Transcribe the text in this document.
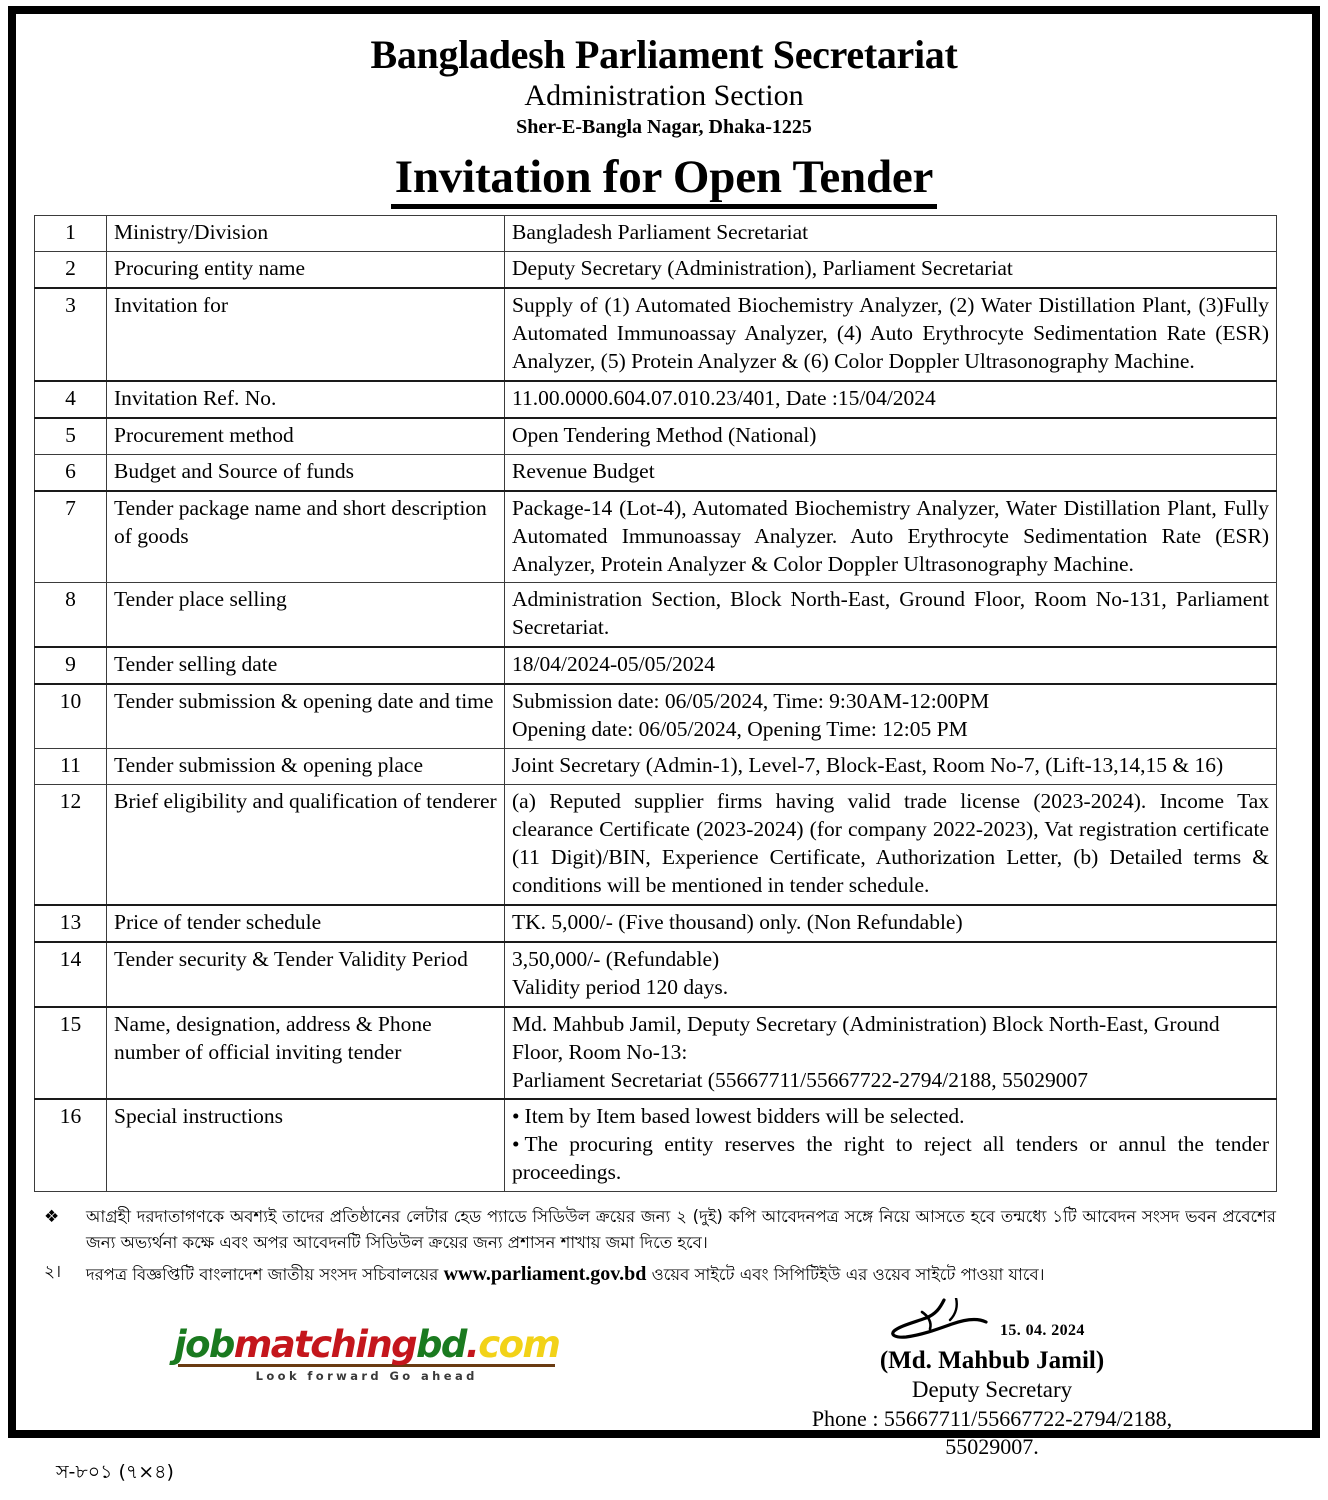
Bangladesh Parliament Secretariat
Administration Section
Sher-E-Bangla Nagar, Dhaka-1225
Invitation for Open Tender
1	Ministry/Division	Bangladesh Parliament Secretariat
2	Procuring entity name	Deputy Secretary (Administration), Parliament Secretariat
3	Invitation for	Supply of (1) Automated Biochemistry Analyzer, (2) Water Distillation Plant, (3)Fully Automated Immunoassay Analyzer, (4) Auto Erythrocyte Sedimentation Rate (ESR) Analyzer, (5) Protein Analyzer & (6) Color Doppler Ultrasonography Machine.
4	Invitation Ref. No.	11.00.0000.604.07.010.23/401, Date :15/04/2024
5	Procurement method	Open Tendering Method (National)
6	Budget and Source of funds	Revenue Budget
7	Tender package name and short description of goods	Package-14 (Lot-4), Automated Biochemistry Analyzer, Water Distillation Plant, Fully Automated Immunoassay Analyzer. Auto Erythrocyte Sedimentation Rate (ESR) Analyzer, Protein Analyzer & Color Doppler Ultrasonography Machine.
8	Tender place selling	Administration Section, Block North-East, Ground Floor, Room No-131, Parliament Secretariat.
9	Tender selling date	18/04/2024-05/05/2024
10	Tender submission & opening date and time	Submission date: 06/05/2024, Time: 9:30AM-12:00PM
Opening date: 06/05/2024, Opening Time: 12:05 PM

11	Tender submission & opening place	Joint Secretary (Admin-1), Level-7, Block-East, Room No-7, (Lift-13,14,15 & 16)
12	Brief eligibility and qualification of tenderer	(a) Reputed supplier firms having valid trade license (2023-2024). Income Tax clearance Certificate (2023-2024) (for company 2022-2023), Vat registration certificate (11 Digit)/BIN, Experience Certificate, Authorization Letter, (b) Detailed terms & conditions will be mentioned in tender schedule.
13	Price of tender schedule	TK. 5,000/- (Five thousand) only. (Non Refundable)
14	Tender security & Tender Validity Period	3,50,000/- (Refundable)
Validity period 120 days.

15	Name, designation, address & Phone number of official inviting tender	Md. Mahbub Jamil, Deputy Secretary (Administration) Block North-East, Ground Floor, Room No-13:
Parliament Secretariat (55667711/55667722-2794/2188, 55029007

16	Special instructions	• Item by Item based lowest bidders will be selected.
• The procuring entity reserves the right to reject all tenders or annul the tender proceedings.
❖	আগ্রহী দরদাতাগণকে অবশ্যই তাদের প্রতিষ্ঠানের লেটার হেড প্যাডে সিডিউল ক্রয়ের জন্য ২ (দুই) কপি আবেদনপত্র সঙ্গে নিয়ে আসতে হবে তন্মধ্যে ১টি আবেদন সংসদ ভবন প্রবেশের জন্য অভ্যর্থনা কক্ষে এবং অপর আবেদনটি সিডিউল ক্রয়ের জন্য প্রশাসন শাখায় জমা দিতে হবে।
২।	দরপত্র বিজ্ঞপ্তিটি বাংলাদেশ জাতীয় সংসদ সচিবালয়ের www.parliament.gov.bd ওয়েব সাইটে এবং সিপিটিইউ এর ওয়েব সাইটে পাওয়া যাবে।
jobmatchingbd.com
Look forward Go ahead
15. 04. 2024
(Md. Mahbub Jamil)
Deputy Secretary
Phone : 55667711/55667722-2794/2188,
55029007.
স-৮০১ (৭×৪)
